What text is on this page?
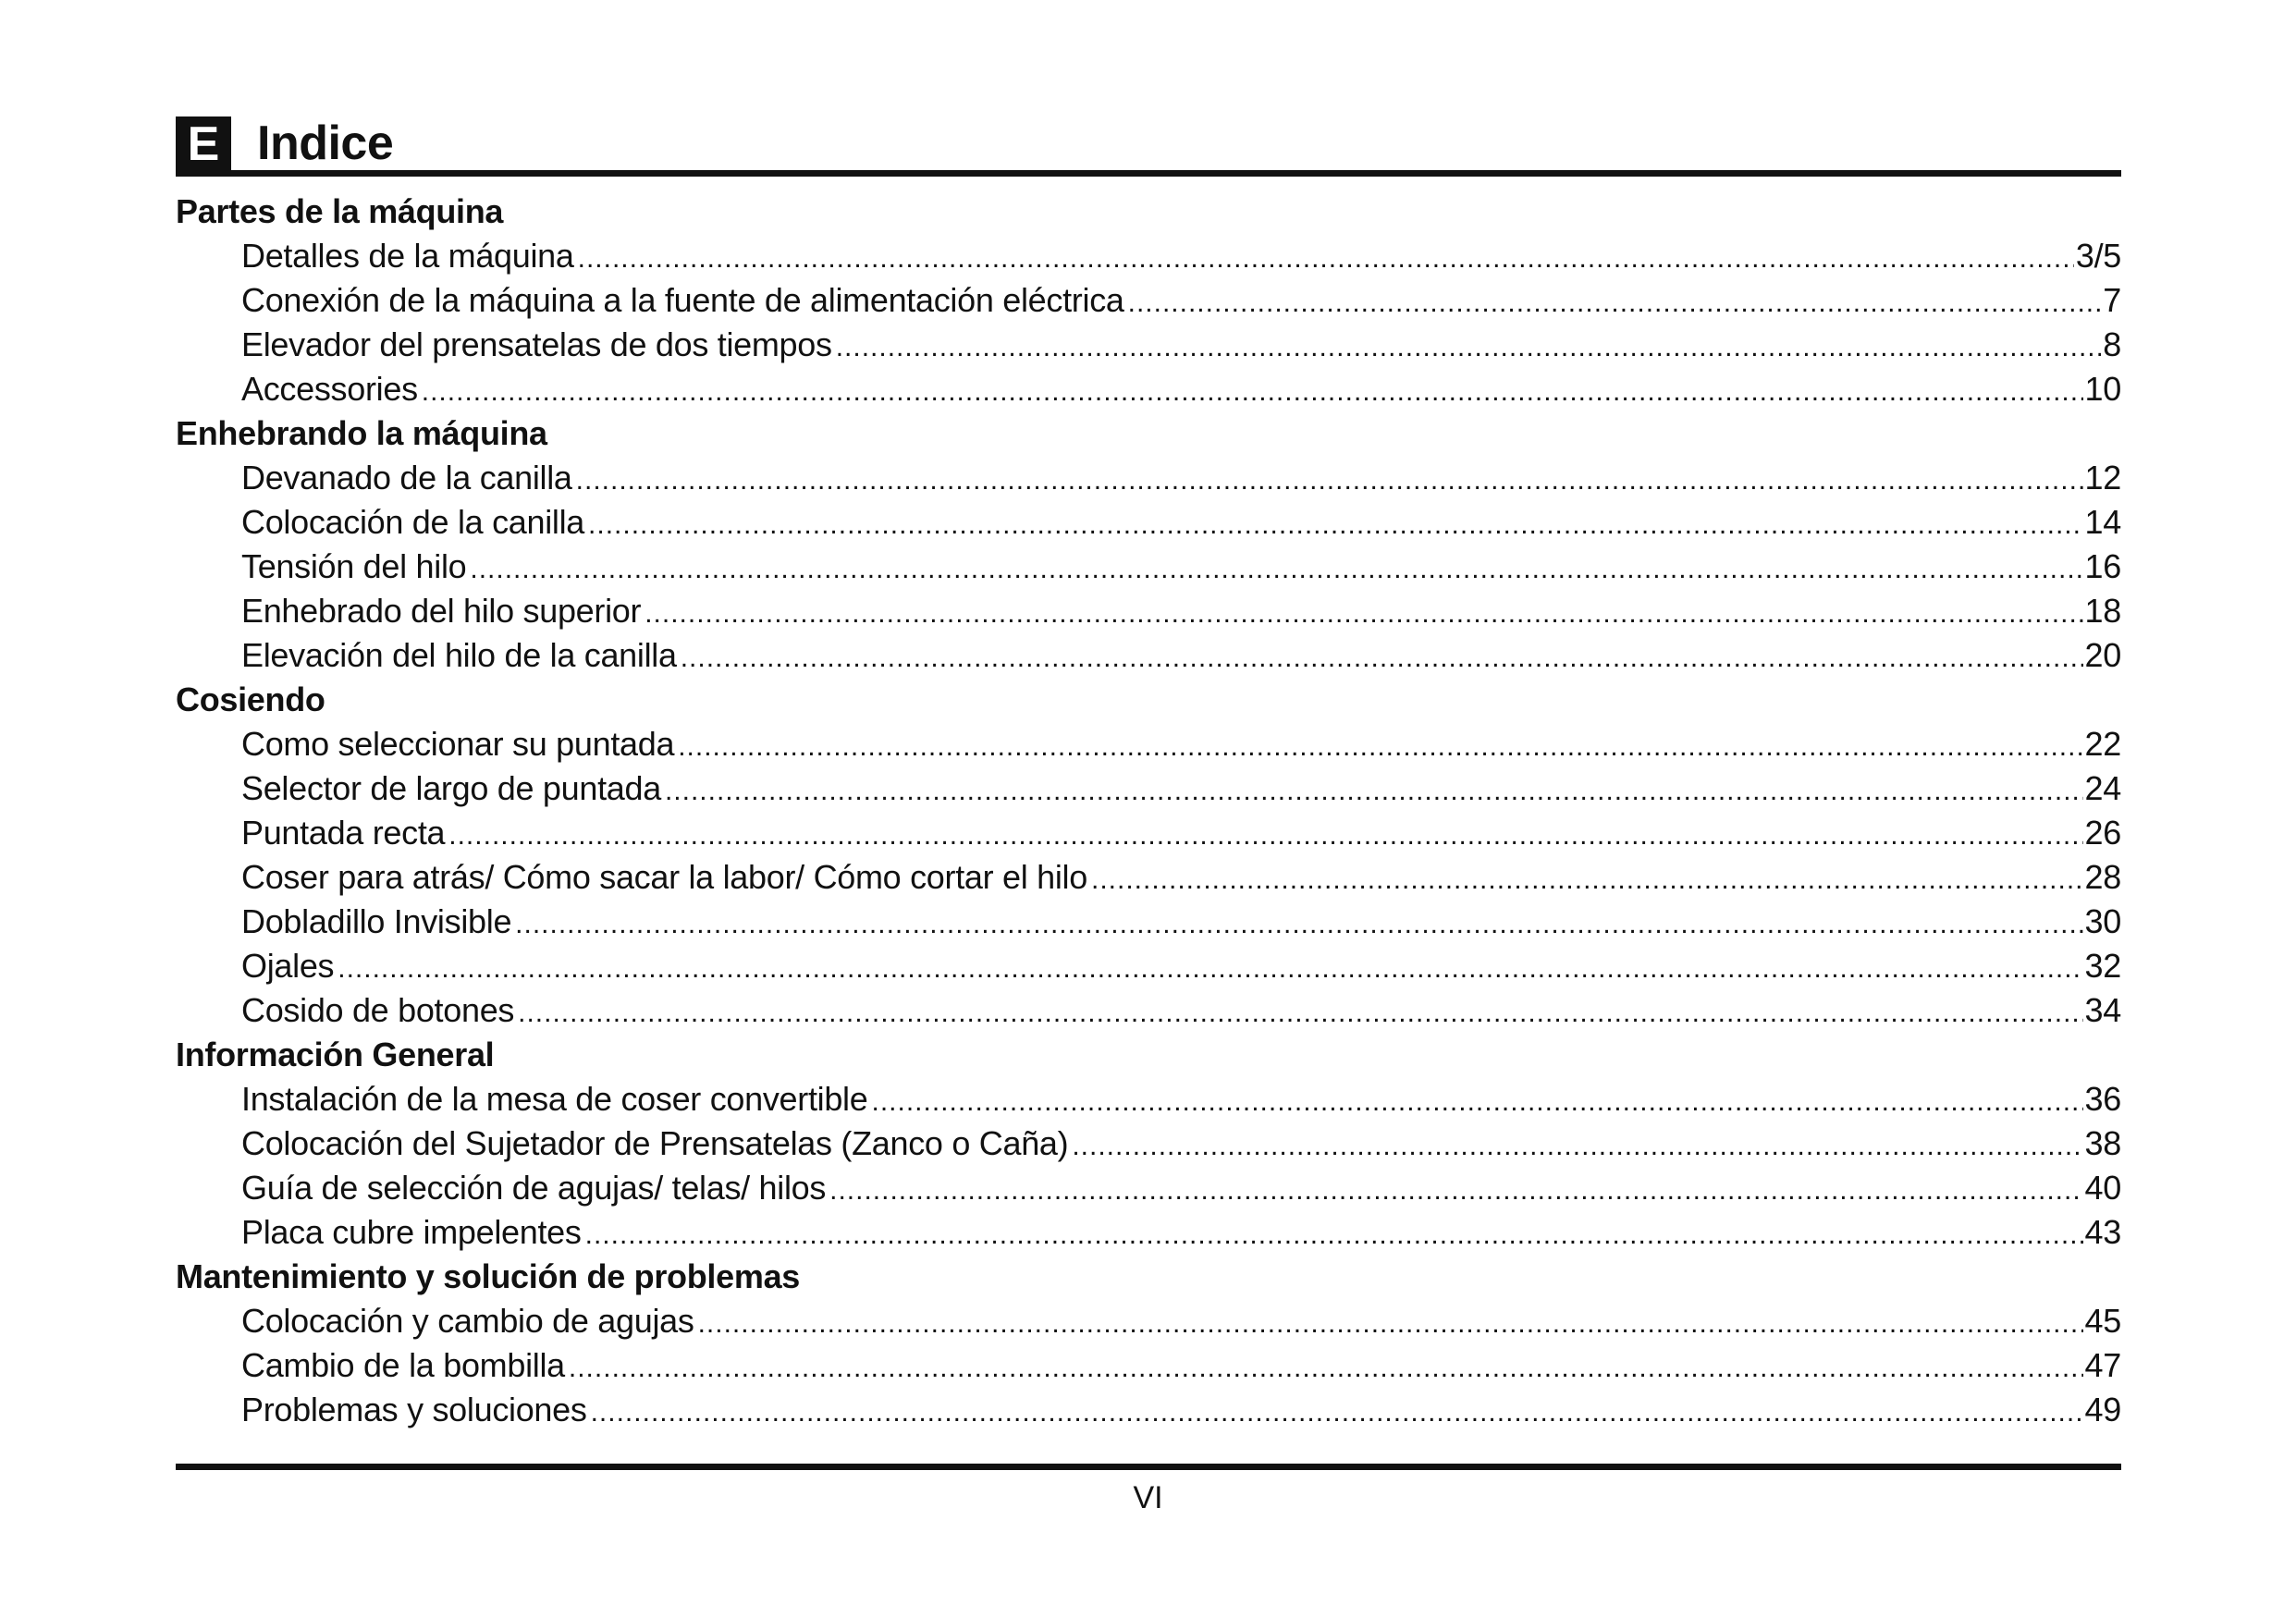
E Indice
Partes de la máquina
Detalles de la máquina .....	3/5
Conexión de la máquina a la fuente de alimentación eléctrica .....	7
Elevador del prensatelas de dos tiempos .....	8
Accessories .....	10
Enhebrando la máquina
Devanado de la canilla .....	12
Colocación de la canilla .....	14
Tensión del hilo .....	16
Enhebrado del hilo superior .....	18
Elevación del hilo de la canilla .....	20
Cosiendo
Como seleccionar su puntada .....	22
Selector de largo de puntada .....	24
Puntada recta .....	26
Coser para atrás/ Cómo sacar la labor/ Cómo cortar el hilo .....	28
Dobladillo Invisible .....	30
Ojales .....	32
Cosido de botones .....	34
Información General
Instalación de la mesa de coser convertible .....	36
Colocación del Sujetador de Prensatelas (Zanco o Caña) .....	38
Guía de selección de agujas/ telas/ hilos .....	40
Placa cubre impelentes .....	43
Mantenimiento y solución de problemas
Colocación y cambio de agujas .....	45
Cambio de la bombilla .....	47
Problemas y soluciones .....	49
VI
